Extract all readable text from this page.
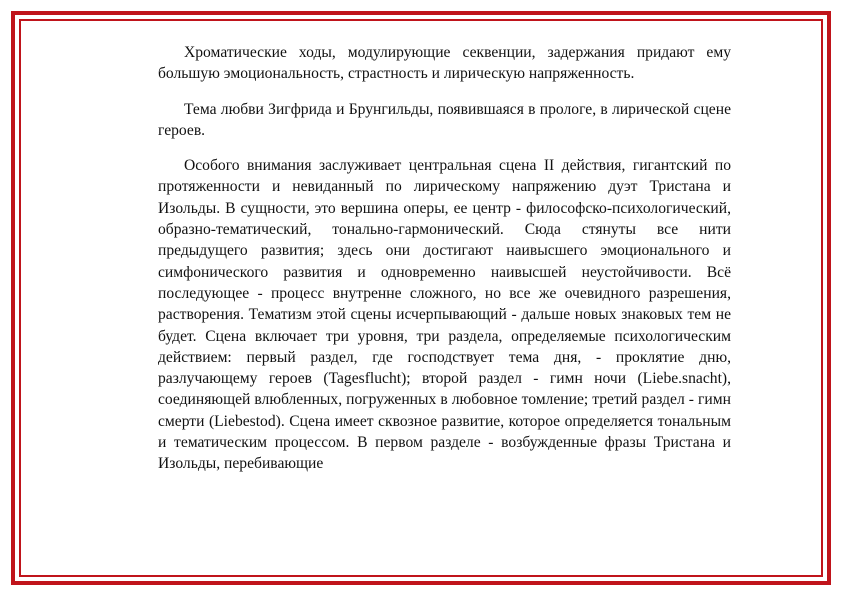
Хроматические ходы, модулирующие секвенции, задержания придают ему большую эмоциональность, страстность и лирическую напряженность.

Тема любви Зигфрида и Брунгильды, появившаяся в прологе, в лирической сцене героев.

Особого внимания заслуживает центральная сцена II действия, гигантский по протяженности и невиданный по лирическому напряжению дуэт Тристана и Изольды. В сущности, это вершина оперы, ее центр - философско-психологический, образно-тематический, тонально-гармонический. Сюда стянуты все нити предыдущего развития; здесь они достигают наивысшего эмоционального и симфонического развития и одновременно наивысшей неустойчивости. Всё последующее - процесс внутренне сложного, но все же очевидного разрешения, растворения. Тематизм этой сцены исчерпывающий - дальше новых знаковых тем не будет. Сцена включает три уровня, три раздела, определяемые психологическим действием: первый раздел, где господствует тема дня, - проклятие дню, разлучающему героев (Tagesflucht); второй раздел - гимн ночи (Liebe.snacht), соединяющей влюбленных, погруженных в любовное томление; третий раздел - гимн смерти (Liebestod). Сцена имеет сквозное развитие, которое определяется тональным и тематическим процессом. В первом разделе - возбужденные фразы Тристана и Изольды, перебивающие
